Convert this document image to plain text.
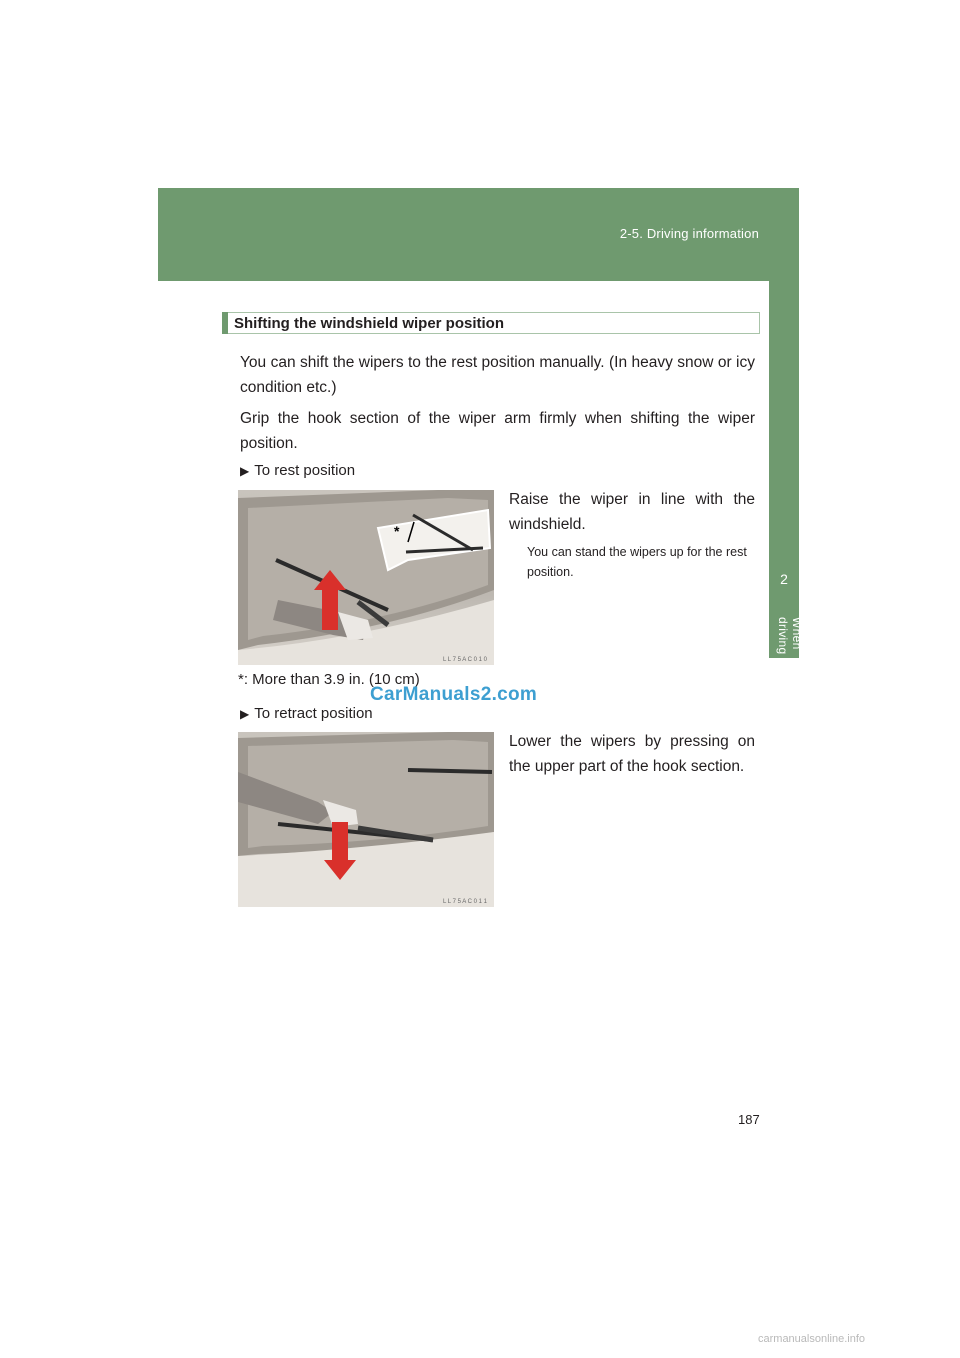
2-5. Driving information
2
When driving
Shifting the windshield wiper position
You can shift the wipers to the rest position manually. (In heavy snow or icy condition etc.)
Grip the hook section of the wiper arm firmly when shifting the wiper position.
▶ To rest position
*
L L 7 5 A C 0 1 0
Raise the wiper in line with the windshield.
You can stand the wipers up for the rest position.
*: More than 3.9 in. (10 cm)
CarManuals2.com
▶ To retract position
L L 7 5 A C 0 1 1
Lower the wipers by pressing on the upper part of the hook section.
187
carmanualsonline.info
